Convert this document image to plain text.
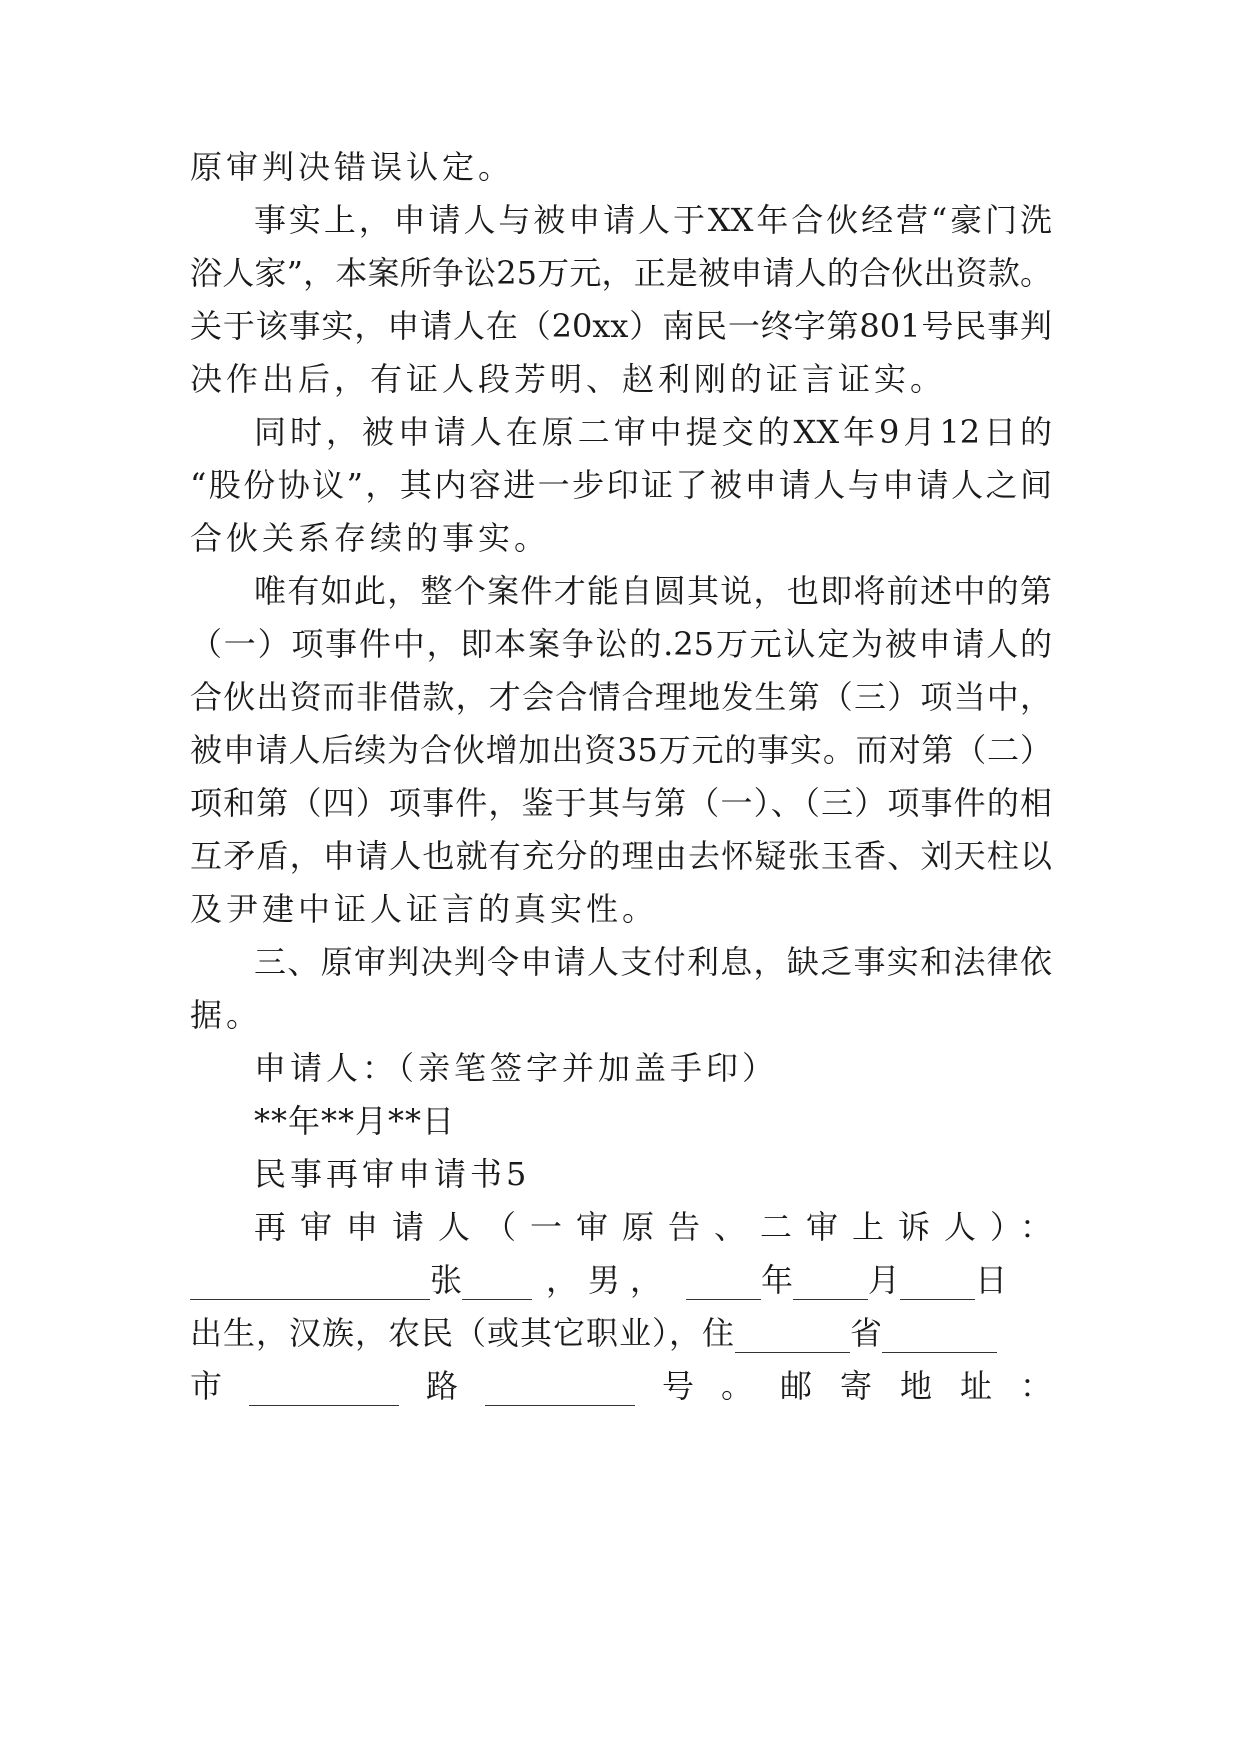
原审判决错误认定。
事实上，申请人与被申请人于XX年合伙经营“豪门洗
浴人家”，本案所争讼25万元，正是被申请人的合伙出资款。
关于该事实，申请人在（20xx）南民一终字第801号民事判
决作出后，有证人段芳明、赵利刚的证言证实。
同时，被申请人在原二审中提交的XX年9月12日的
“股份协议”，其内容进一步印证了被申请人与申请人之间
合伙关系存续的事实。
唯有如此，整个案件才能自圆其说，也即将前述中的第
（一）项事件中，即本案争讼的.25万元认定为被申请人的
合伙出资而非借款，才会合情合理地发生第（三）项当中，
被申请人后续为合伙增加出资35万元的事实。而对第（二）
项和第（四）项事件，鉴于其与第（一）、（三）项事件的相
互矛盾，申请人也就有充分的理由去怀疑张玉香、刘天柱以
及尹建中证人证言的真实性。
三、原审判决判令申请人支付利息，缺乏事实和法律依
据。
申请人：（亲笔签字并加盖手印）
**年**月**日
民事再审申请书5
再审申请人（一审原告、二审上诉人）：
张	，男，	年 月 日
出生，汉族，农民（或其它职业），住	省
市	路	号 。 邮寄地址：
